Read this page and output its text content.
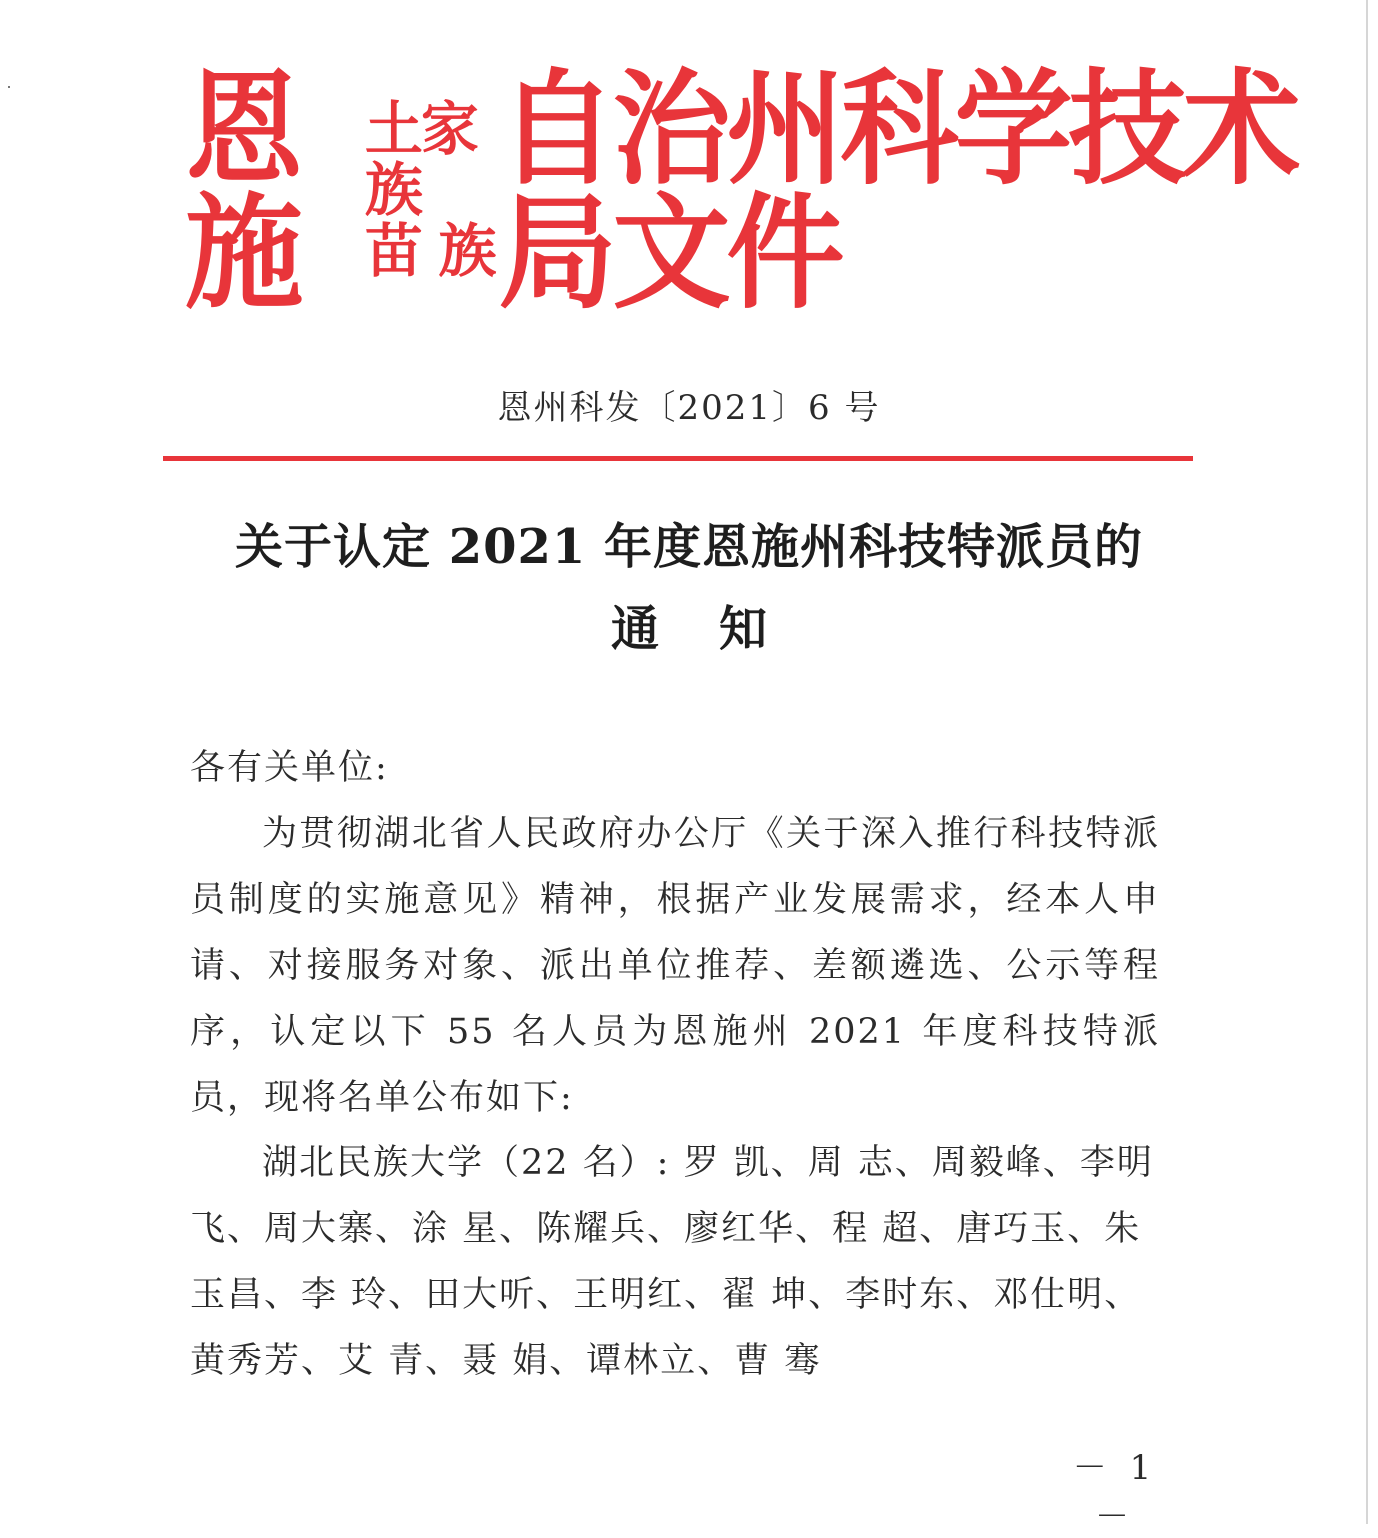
恩施
土家族
苗 族
自治州科学技术局文件
恩州科发〔2021〕6 号
关于认定 2021 年度恩施州科技特派员的
通知
各有关单位:
为贯彻湖北省人民政府办公厅《关于深入推行科技特派员制度的实施意见》精神，根据产业发展需求，经本人申请、对接服务对象、派出单位推荐、差额遴选、公示等程序，认定以下 55 名人员为恩施州 2021 年度科技特派员，现将名单公布如下:
湖北民族大学（22 名）: 罗 凯、周 志、周毅峰、李明飞、周大寨、涂 星、陈耀兵、廖红华、程 超、唐巧玉、朱玉昌、李 玲、田大听、王明红、翟 坤、李时东、邓仕明、黄秀芳、艾 青、聂 娟、谭林立、曹 骞
－ 1 －
